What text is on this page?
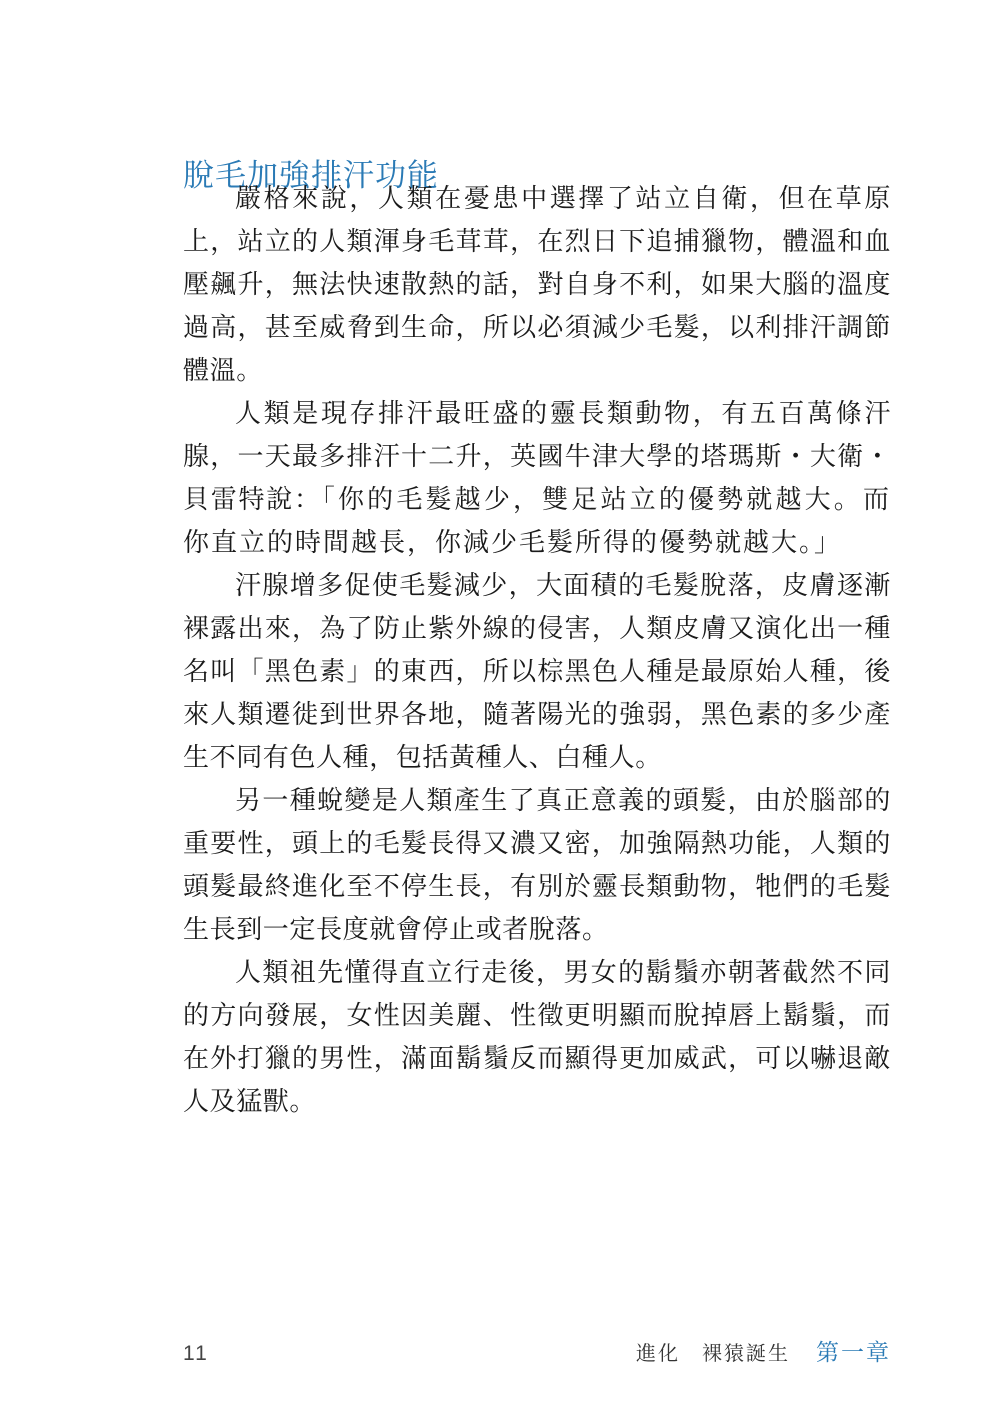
脫毛加強排汗功能

嚴格來說，人類在憂患中選擇了站立自衛，但在草原上，站立的人類渾身毛茸茸，在烈日下追捕獵物，體溫和血壓飆升，無法快速散熱的話，對自身不利，如果大腦的溫度過高，甚至威脅到生命，所以必須減少毛髮，以利排汗調節體溫。

人類是現存排汗最旺盛的靈長類動物，有五百萬條汗腺，一天最多排汗十二升，英國牛津大學的塔瑪斯・大衛・貝雷特說：「你的毛髮越少，雙足站立的優勢就越大。而你直立的時間越長，你減少毛髮所得的優勢就越大。」

汗腺增多促使毛髮減少，大面積的毛髮脫落，皮膚逐漸裸露出來，為了防止紫外線的侵害，人類皮膚又演化出一種名叫「黑色素」的東西，所以棕黑色人種是最原始人種，後來人類遷徙到世界各地，隨著陽光的強弱，黑色素的多少產生不同有色人種，包括黃種人、白種人。

另一種蛻變是人類產生了真正意義的頭髮，由於腦部的重要性，頭上的毛髮長得又濃又密，加強隔熱功能，人類的頭髮最終進化至不停生長，有別於靈長類動物，牠們的毛髮生長到一定長度就會停止或者脫落。

人類祖先懂得直立行走後，男女的鬍鬚亦朝著截然不同的方向發展，女性因美麗、性徵更明顯而脫掉唇上鬍鬚，而在外打獵的男性，滿面鬍鬚反而顯得更加威武，可以嚇退敵人及猛獸。

11	進化　裸猿誕生 第一章
